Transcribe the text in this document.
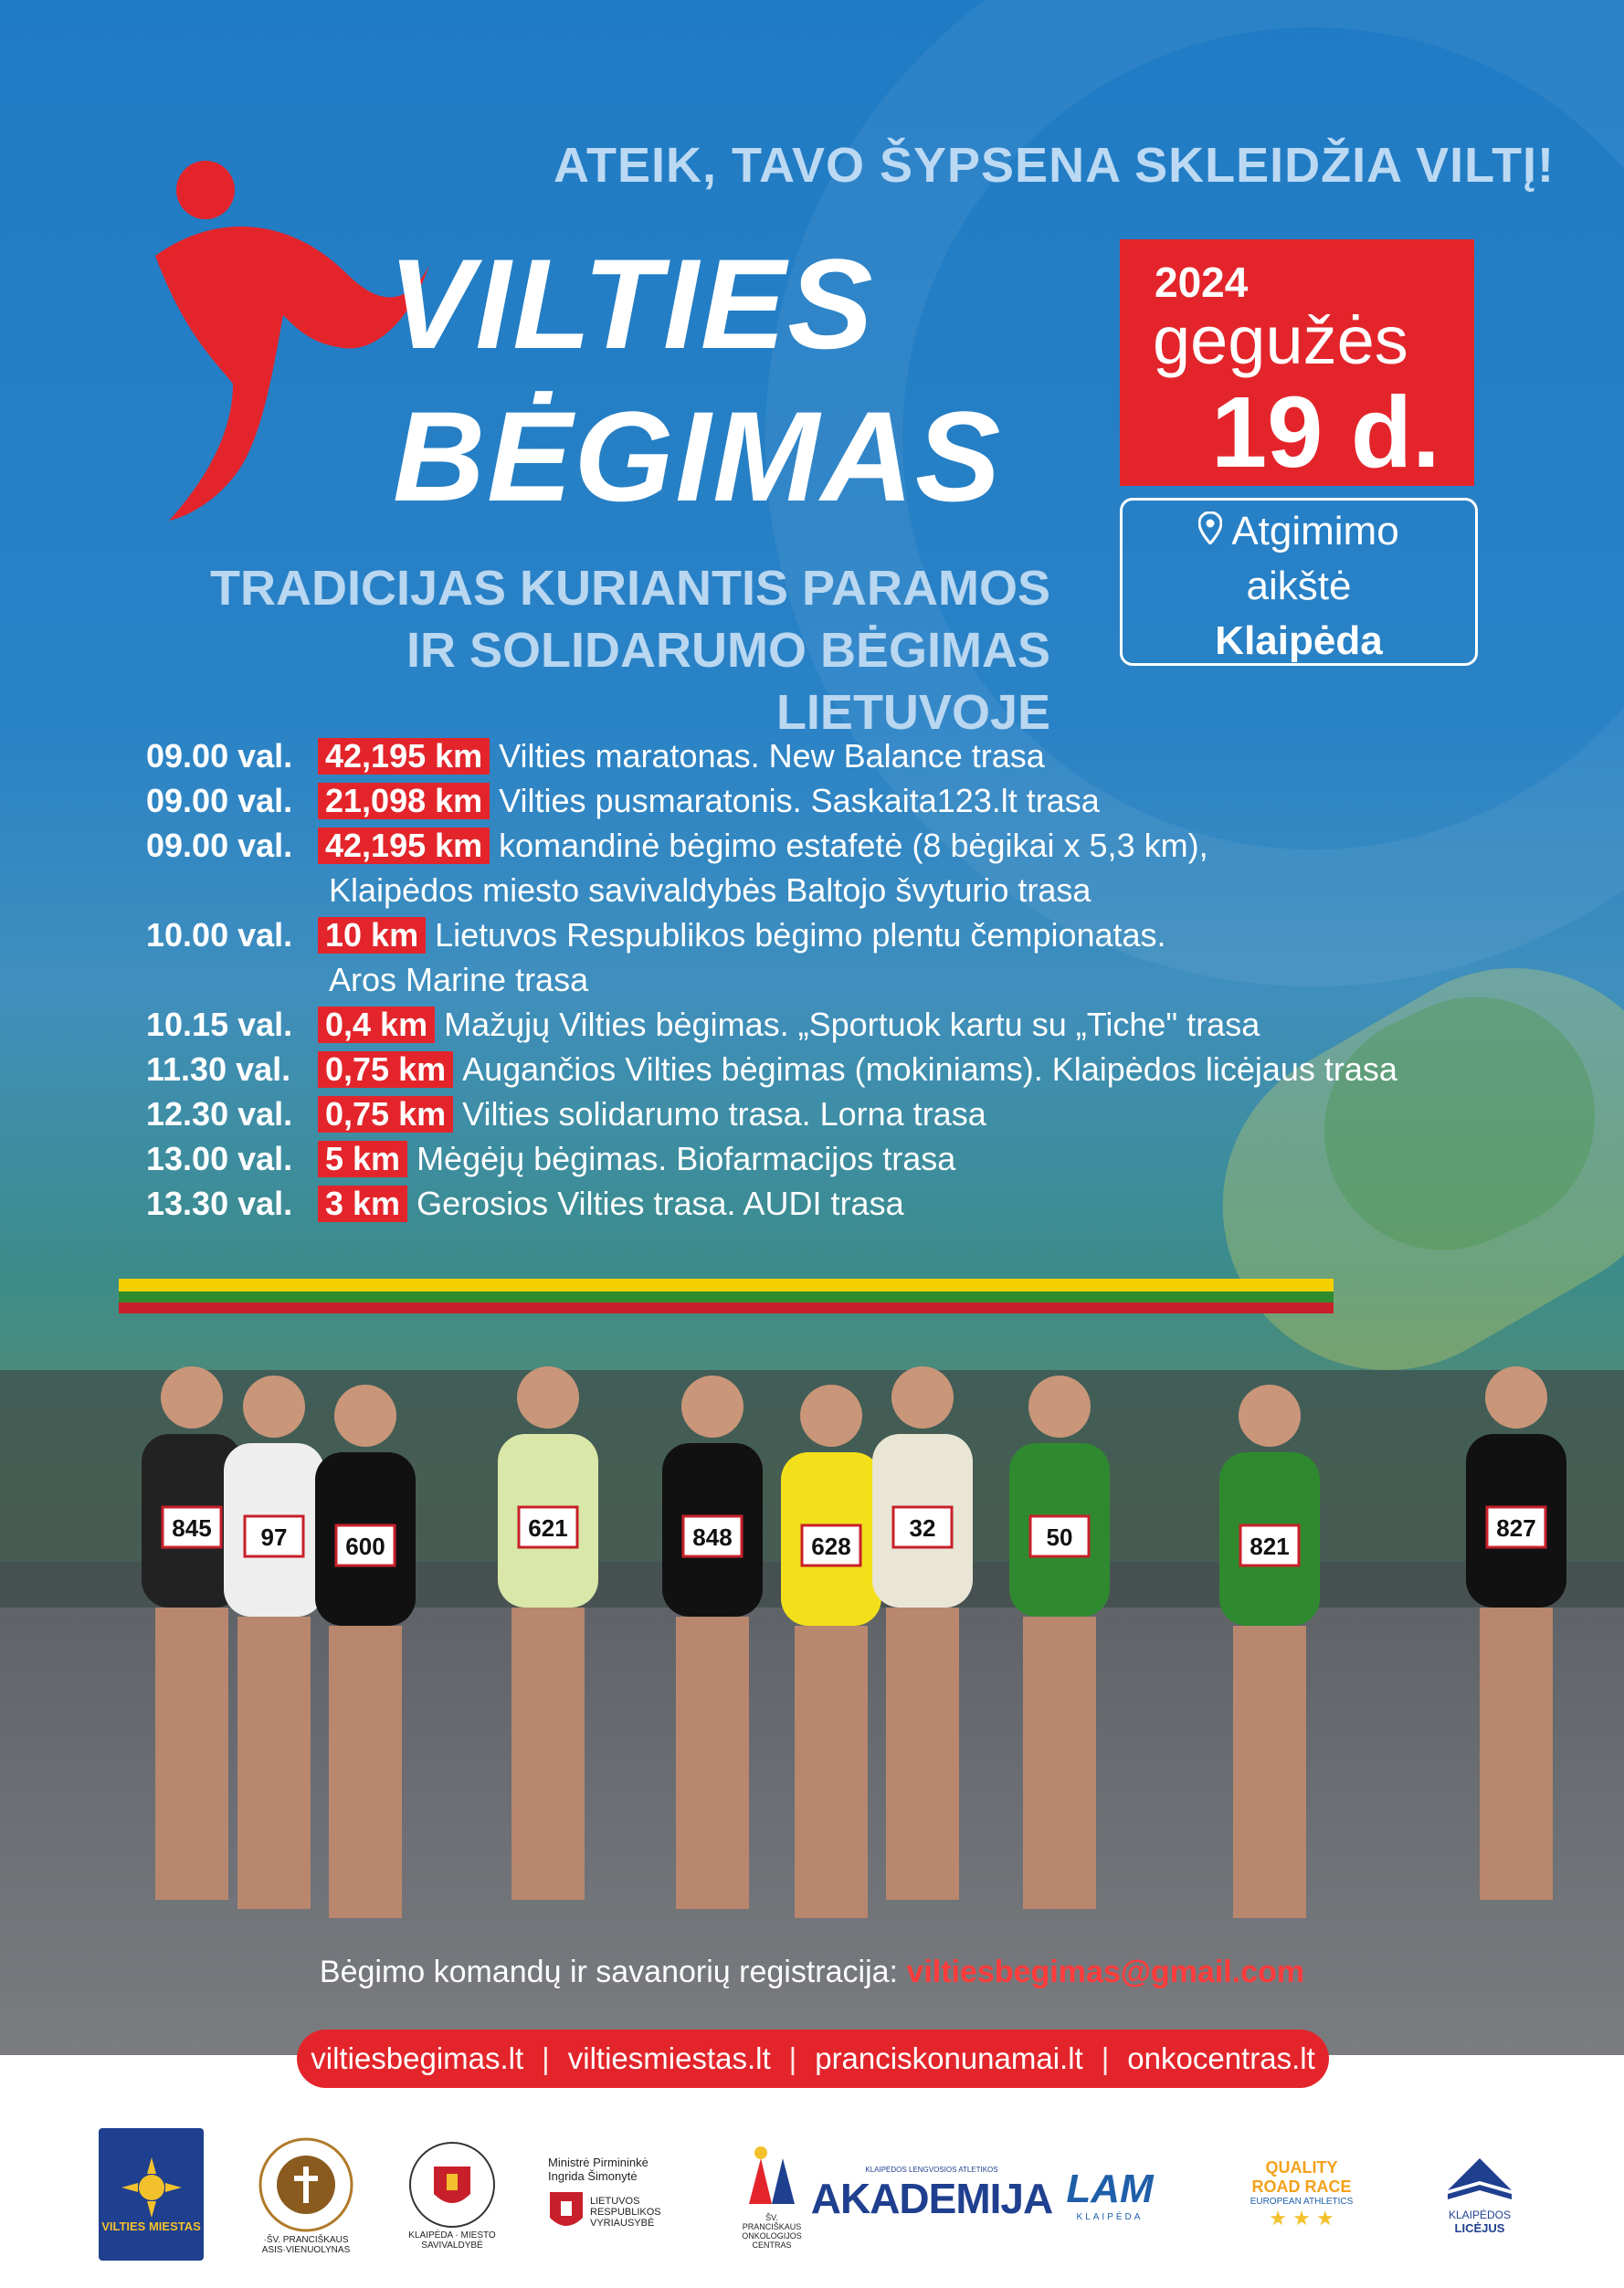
ATEIK, TAVO ŠYPSENA SKLEIDŽIA VILTĮ!
VILTIES
BĖGIMAS
TRADICIJAS KURIANTIS PARAMOS
IR SOLIDARUMO BĖGIMAS LIETUVOJE
2024
gegužės
19 d.
Atgimimo
aikštė
Klaipėda
09.00 val. 42,195 km Vilties maratonas. New Balance trasa
09.00 val. 21,098 km Vilties pusmaratonis. Saskaita123.lt trasa
09.00 val. 42,195 km komandinė bėgimo estafetė (8 bėgikai x 5,3 km),
Klaipėdos miesto savivaldybės Baltojo švyturio trasa
10.00 val. 10 km Lietuvos Respublikos bėgimo plentu čempionatas.
Aros Marine trasa
10.15 val. 0,4 km Mažųjų Vilties bėgimas. „Sportuok kartu su „Tiche" trasa
11.30 val.	0,75 km Augančios Vilties bėgimas (mokiniams). Klaipėdos licėjaus trasa
12.30 val. 0,75 km Vilties solidarumo trasa. Lorna trasa
13.00 val. 5 km Mėgėjų bėgimas. Biofarmacijos trasa
13.30 val. 3 km Gerosios Vilties trasa. AUDI trasa
845 97 600
621	848	628
32	50	821
827
Bėgimo komandų ir savanorių registracija: viltiesbegimas@gmail.com
viltiesbegimas.lt | viltiesmiestas.lt | pranciskonunamai.lt | onkocentras.lt
VILTIES MIESTAS
·ŠV. PRANCIŠKAUS ASIS·VIENUOLYNAS
KLAIPĖDA · MIESTO SAVIVALDYBĖ
Ministrė Pirmininkė
Ingrida Šimonytė
LIETUVOS RESPUBLIKOS VYRIAUSYBĖ	ŠV. PRANCIŠKAUS ONKOLOGIJOS CENTRAS
KLAIPĖDOS LENGVOSIOS ATLETIKOS
AKADEMIJA LAM
KLAIPĖDA
QUALITY
ROAD RACE
EUROPEAN ATHLETICS
★ ★ ★	KLAIPĖDOS
LICĖJUS
